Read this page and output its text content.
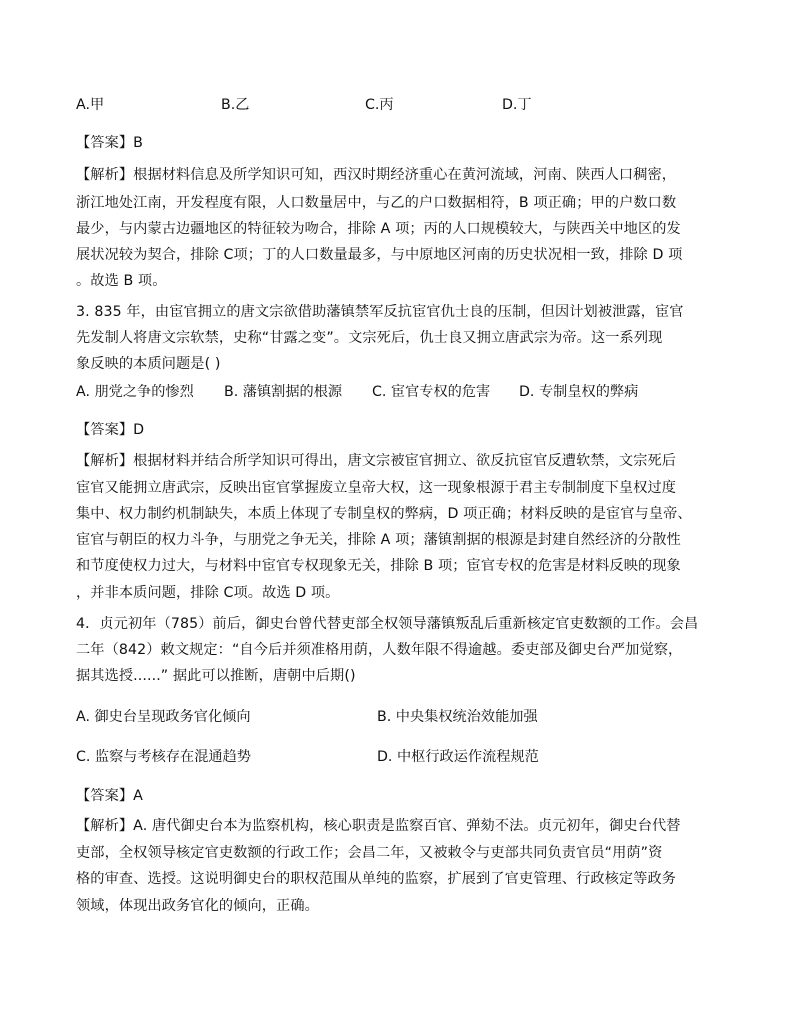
A.甲	B.乙	C.丙	D.丁
【答案】B
【解析】根据材料信息及所学知识可知，西汉时期经济重心在黄河流域，河南、陕西人口稠密，
浙江地处江南，开发程度有限，人口数量居中，与乙的户口数据相符，B 项正确；甲的户数口数
最少，与内蒙古边疆地区的特征较为吻合，排除 A 项；丙的人口规模较大，与陕西关中地区的发
展状况较为契合，排除 C项；丁的人口数量最多，与中原地区河南的历史状况相一致，排除 D 项
。故选 B 项。
3. 835 年，由宦官拥立的唐文宗欲借助藩镇禁军反抗宦官仇士良的压制，但因计划被泄露，宦官
先发制人将唐文宗软禁，史称“甘露之变”。文宗死后，仇士良又拥立唐武宗为帝。这一系列现
象反映的本质问题是( )
A. 朋党之争的惨烈 B. 藩镇割据的根源 C. 宦官专权的危害 D. 专制皇权的弊病
【答案】D
【解析】根据材料并结合所学知识可得出，唐文宗被宦官拥立、欲反抗宦官反遭软禁，文宗死后
宦官又能拥立唐武宗，反映出宦官掌握废立皇帝大权，这一现象根源于君主专制制度下皇权过度
集中、权力制约机制缺失，本质上体现了专制皇权的弊病，D 项正确；材料反映的是宦官与皇帝、
宦官与朝臣的权力斗争，与朋党之争无关，排除 A 项；藩镇割据的根源是封建自然经济的分散性
和节度使权力过大，与材料中宦官专权现象无关，排除 B 项；宦官专权的危害是材料反映的现象
，并非本质问题，排除 C项。故选 D 项。
4．贞元初年（785）前后，御史台曾代替吏部全权领导藩镇叛乱后重新核定官吏数额的工作。会昌
二年（842）敕文规定：“自今后并须准格用荫，人数年限不得逾越。委吏部及御史台严加觉察，
据其选授......” 据此可以推断，唐朝中后期()
A. 御史台呈现政务官化倾向	B. 中央集权统治效能加强
C. 监察与考核存在混通趋势	D. 中枢行政运作流程规范
【答案】A
【解析】A. 唐代御史台本为监察机构，核心职责是监察百官、弹劾不法。贞元初年，御史台代替
吏部，全权领导核定官吏数额的行政工作；会昌二年，又被敕令与吏部共同负责官员“用荫”资
格的审查、选授。这说明御史台的职权范围从单纯的监察，扩展到了官吏管理、行政核定等政务
领域，体现出政务官化的倾向，正确。
